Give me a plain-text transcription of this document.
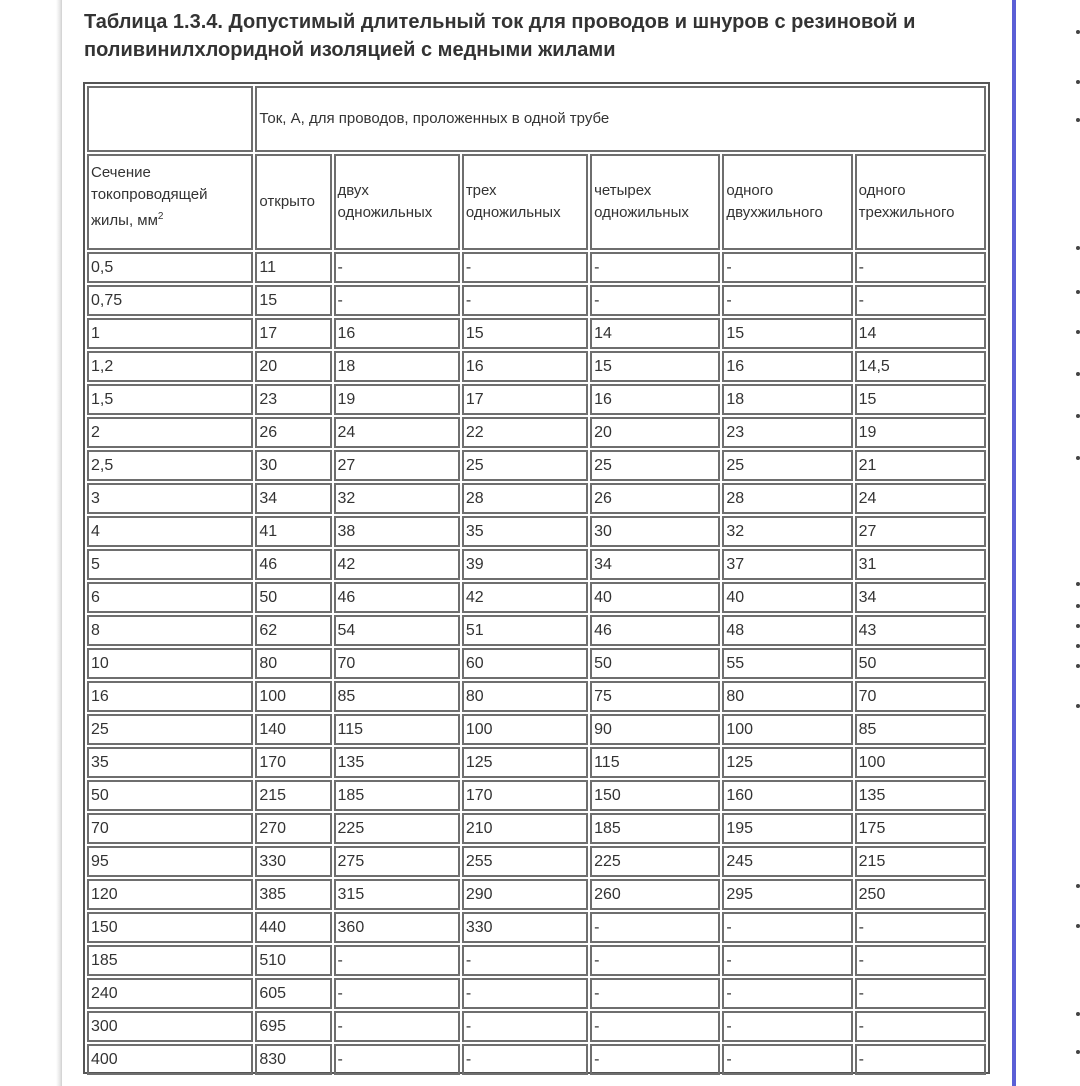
Таблица 1.3.4. Допустимый длительный ток для проводов и шнуров с резиновой и поливинилхлоридной изоляцией с медными жилами
	Ток, А, для проводов, проложенных в одной трубе					
Сечение токопроводящей жилы, $мм^2$	открыто	двух одножильных	трех одножильных	четырех одножильных	одного двухжильного	одного трехжильного
0,5	11	-	-	-	-	-
0,75	15	-	-	-	-	-
1	17	16	15	14	15	14
1,2	20	18	16	15	16	14,5
1,5	23	19	17	16	18	15
2	26	24	22	20	23	19
2,5	30	27	25	25	25	21
3	34	32	28	26	28	24
4	41	38	35	30	32	27
5	46	42	39	34	37	31
6	50	46	42	40	40	34
8	62	54	51	46	48	43
10	80	70	60	50	55	50
16	100	85	80	75	80	70
25	140	115	100	90	100	85
35	170	135	125	115	125	100
50	215	185	170	150	160	135
70	270	225	210	185	195	175
95	330	275	255	225	245	215
120	385	315	290	260	295	250
150	440	360	330	-	-	-
185	510	-	-	-	-	-
240	605	-	-	-	-	-
300	695	-	-	-	-	-
400	830	-	-	-	-	-
